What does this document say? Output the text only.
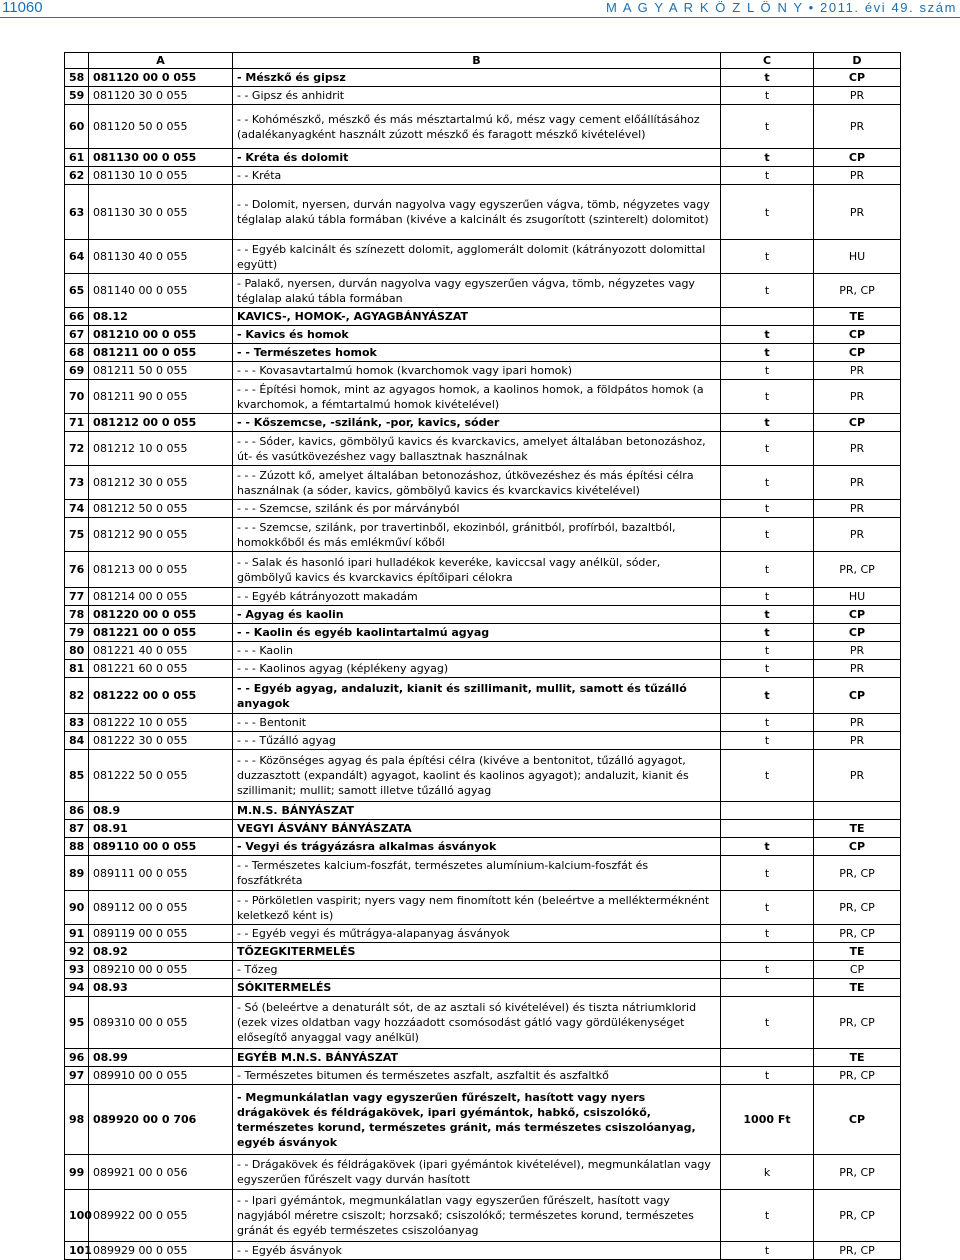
11060	M A G Y A R K Ö Z L Ö N Y • 2011. évi 49. szám
	A	B	C	D
58	081120 00 0 055	- Mészkő és gipsz	t	CP
59	081120 30 0 055	- - Gipsz és anhidrit	t	PR
60	081120 50 0 055	- - Kohómészkő, mészkő és más mésztartalmú kő, mész vagy cement előállításához (adalékanyagként használt zúzott mészkő és faragott mészkő kivételével)	t	PR
61	081130 00 0 055	- Kréta és dolomit	t	CP
62	081130 10 0 055	- - Kréta	t	PR
63	081130 30 0 055	- - Dolomit, nyersen, durván nagyolva vagy egyszerűen vágva, tömb, négyzetes vagy téglalap alakú tábla formában (kivéve a kalcinált és zsugorított (szinterelt) dolomitot)	t	PR
64	081130 40 0 055	- - Egyéb kalcinált és színezett dolomit, agglomerált dolomit (kátrányozott dolomittal együtt)	t	HU
65	081140 00 0 055	- Palakő, nyersen, durván nagyolva vagy egyszerűen vágva, tömb, négyzetes vagy téglalap alakú tábla formában	t	PR, CP
66	08.12	KAVICS-, HOMOK-, AGYAGBÁNYÁSZAT		TE
67	081210 00 0 055	- Kavics és homok	t	CP
68	081211 00 0 055	- - Természetes homok	t	CP
69	081211 50 0 055	- - - Kovasavtartalmú homok (kvarchomok vagy ipari homok)	t	PR
70	081211 90 0 055	- - - Építési homok, mint az agyagos homok, a kaolinos homok, a földpátos homok (a kvarchomok, a fémtartalmú homok kivételével)	t	PR
71	081212 00 0 055	- - Kőszemcse, -szilánk, -por, kavics, sóder	t	CP
72	081212 10 0 055	- - - Sóder, kavics, gömbölyű kavics és kvarckavics, amelyet általában betonozáshoz, út- és vasútkövezéshez vagy ballasztnak használnak	t	PR
73	081212 30 0 055	- - - Zúzott kő, amelyet általában betonozáshoz, útkövezéshez és más építési célra használnak (a sóder, kavics, gömbölyű kavics és kvarckavics kivételével)	t	PR
74	081212 50 0 055	- - - Szemcse, szilánk és por márványból	t	PR
75	081212 90 0 055	- - - Szemcse, szilánk, por travertinből, ekozinból, gránitból, profírból, bazaltból, homokkőből és más emlékműví kőből	t	PR
76	081213 00 0 055	- - Salak és hasonló ipari hulladékok keveréke, kaviccsal vagy anélkül, sóder, gömbölyű kavics és kvarckavics építőipari célokra	t	PR, CP
77	081214 00 0 055	- - Egyéb kátrányozott makadám	t	HU
78	081220 00 0 055	- Agyag és kaolin	t	CP
79	081221 00 0 055	- - Kaolin és egyéb kaolintartalmú agyag	t	CP
80	081221 40 0 055	- - - Kaolin	t	PR
81	081221 60 0 055	- - - Kaolinos agyag (képlékeny agyag)	t	PR
82	081222 00 0 055	- - Egyéb agyag, andaluzit, kianit és szillimanit, mullit, samott és tűzálló anyagok	t	CP
83	081222 10 0 055	- - - Bentonit	t	PR
84	081222 30 0 055	- - - Tűzálló agyag	t	PR
85	081222 50 0 055	- - - Közönséges agyag és pala építési célra (kivéve a bentonitot, tűzálló agyagot, duzzasztott (expandált) agyagot, kaolint és kaolinos agyagot); andaluzit, kianit és szillimanit; mullit; samott illetve tűzálló agyag	t	PR
86	08.9	M.N.S. BÁNYÁSZAT		
87	08.91	VEGYI ÁSVÁNY BÁNYÁSZATA		TE
88	089110 00 0 055	- Vegyi és trágyázásra alkalmas ásványok	t	CP
89	089111 00 0 055	- - Természetes kalcium-foszfát, természetes alumínium-kalcium-foszfát és foszfátkréta	t	PR, CP
90	089112 00 0 055	- - Pörköletlen vaspirit; nyers vagy nem finomított kén (beleértve a mellékterméknént keletkező ként is)	t	PR, CP
91	089119 00 0 055	- - Egyéb vegyi és műtrágya-alapanyag ásványok	t	PR, CP
92	08.92	TŐZEGKITERMELÉS		TE
93	089210 00 0 055	- Tőzeg	t	CP
94	08.93	SÓKITERMELÉS		TE
95	089310 00 0 055	- Só (beleértve a denaturált sót, de az asztali só kivételével) és tiszta nátriumklorid (ezek vizes oldatban vagy hozzáadott csomósodást gátló vagy gördülékenységet elősegítő anyaggal vagy anélkül)	t	PR, CP
96	08.99	EGYÉB M.N.S. BÁNYÁSZAT		TE
97	089910 00 0 055	- Természetes bitumen és természetes aszfalt, aszfaltit és aszfaltkő	t	PR, CP
98	089920 00 0 706	- Megmunkálatlan vagy egyszerűen fűrészelt, hasított vagy nyers drágakövek és féldrágakövek, ipari gyémántok, habkő, csiszolókő, természetes korund, természetes gránit, más természetes csiszolóanyag, egyéb ásványok	1000 Ft	CP
99	089921 00 0 056	- - Drágakövek és féldrágakövek (ipari gyémántok kivételével), megmunkálatlan vagy egyszerűen fűrészelt vagy durván hasított	k	PR, CP
100	089922 00 0 055	- - Ipari gyémántok, megmunkálatlan vagy egyszerűen fűrészelt, hasított vagy nagyjából méretre csiszolt; horzsakő; csiszolókő; természetes korund, természetes gránát és egyéb természetes csiszolóanyag	t	PR, CP
101	089929 00 0 055	- - Egyéb ásványok	t	PR, CP
